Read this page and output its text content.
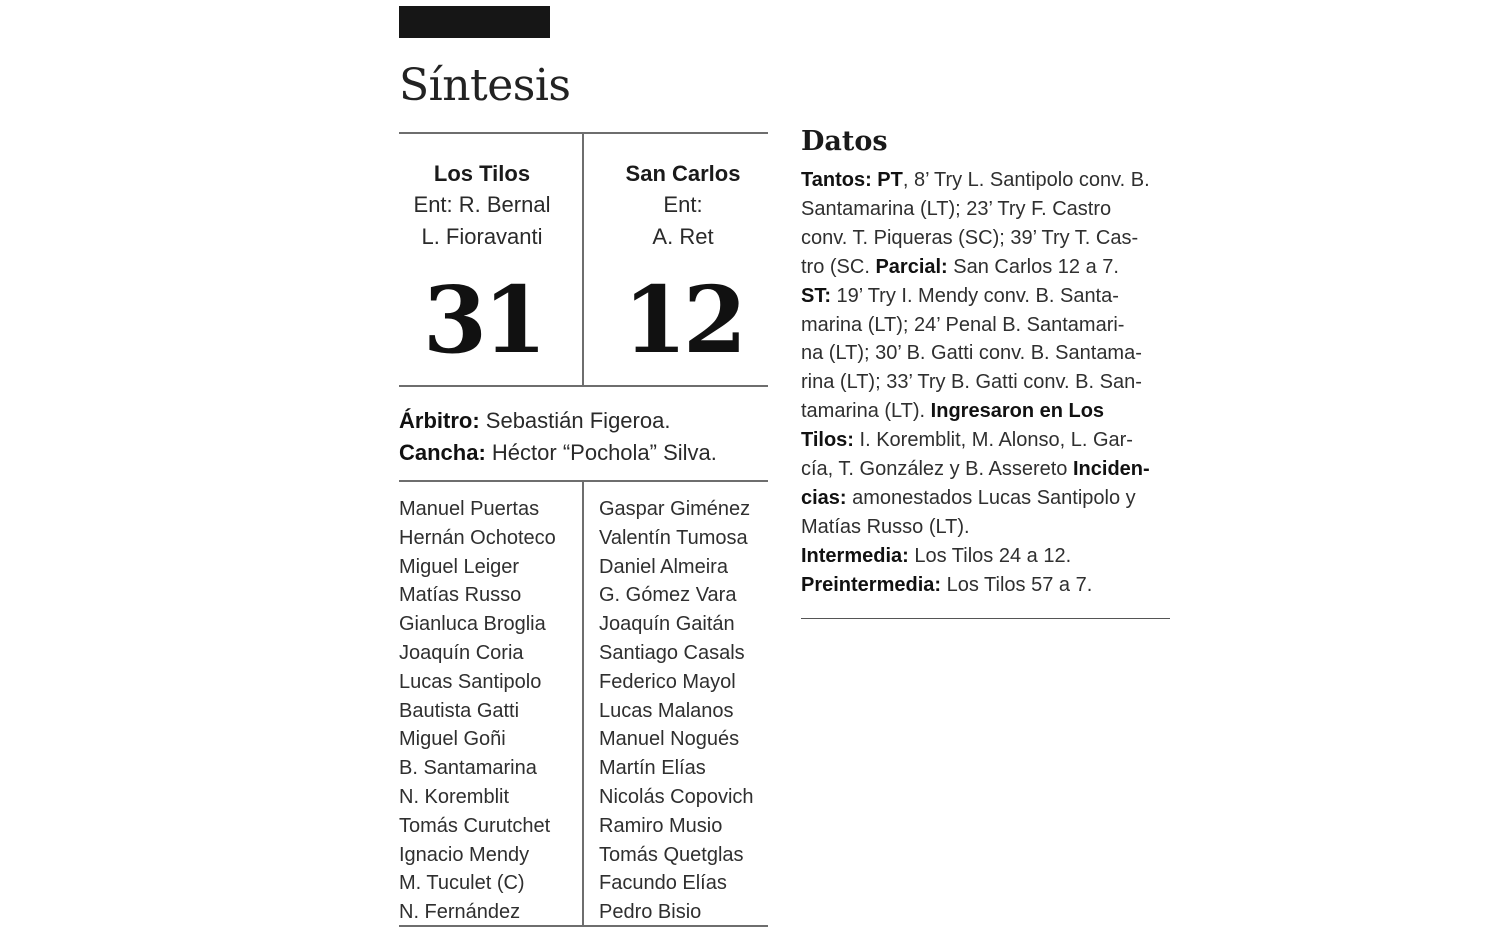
Síntesis
Los Tilos
Ent: R. Bernal
L. Fioravanti
San Carlos
Ent:
A. Ret
31 12
Árbitro: Sebastián Figeroa.
Cancha: Héctor “Pochola” Silva.
Manuel Puertas
Hernán Ochoteco
Miguel Leiger
Matías Russo
Gianluca Broglia
Joaquín Coria
Lucas Santipolo
Bautista Gatti
Miguel Goñi
B. Santamarina
N. Koremblit
Tomás Curutchet
Ignacio Mendy
M. Tuculet (C)
N. Fernández
Gaspar Giménez
Valentín Tumosa
Daniel Almeira
G. Gómez Vara
Joaquín Gaitán
Santiago Casals
Federico Mayol
Lucas Malanos
Manuel Nogués
Martín Elías
Nicolás Copovich
Ramiro Musio
Tomás Quetglas
Facundo Elías
Pedro Bisio
Datos
Tantos: PT, 8’ Try L. Santipolo conv. B.
Santamarina (LT); 23’ Try F. Castro
conv. T. Piqueras (SC); 39’ Try T. Cas-
tro (SC. Parcial: San Carlos 12 a 7.
ST: 19’ Try I. Mendy conv. B. Santa-
marina (LT); 24’ Penal B. Santamari-
na (LT); 30’ B. Gatti conv. B. Santama-
rina (LT); 33’ Try B. Gatti conv. B. San-
tamarina (LT). Ingresaron en Los
Tilos: I. Koremblit, M. Alonso, L. Gar-
cía, T. González y B. Assereto Inciden-
cias: amonestados Lucas Santipolo y
Matías Russo (LT).
Intermedia: Los Tilos 24 a 12.
Preintermedia: Los Tilos 57 a 7.
